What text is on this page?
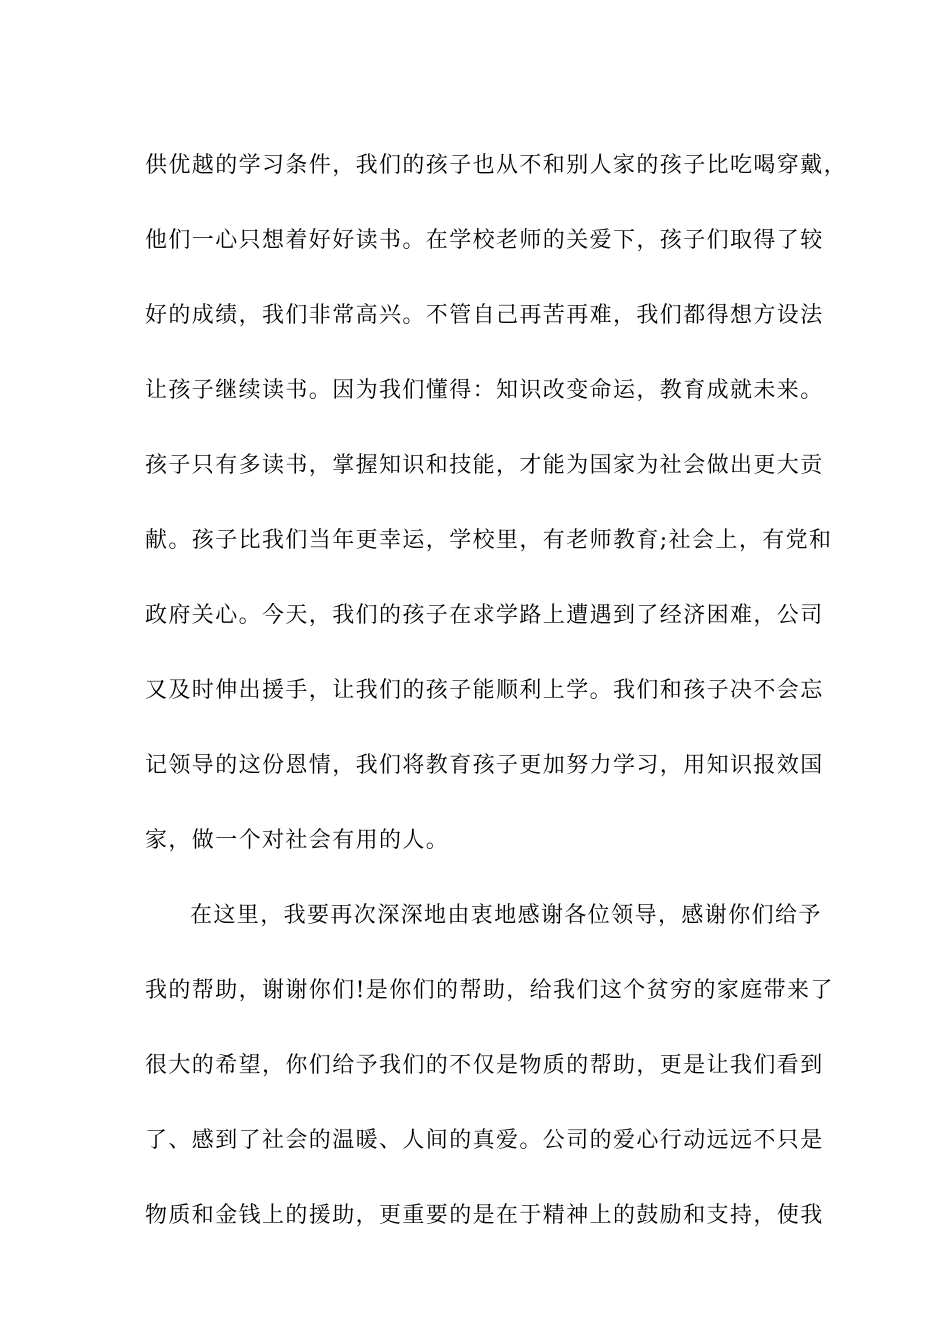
供优越的学习条件，我们的孩子也从不和别人家的孩子比吃喝穿戴，
他们一心只想着好好读书。在学校老师的关爱下，孩子们取得了较
好的成绩，我们非常高兴。不管自己再苦再难，我们都得想方设法
让孩子继续读书。因为我们懂得：知识改变命运，教育成就未来。
孩子只有多读书，掌握知识和技能，才能为国家为社会做出更大贡
献。孩子比我们当年更幸运，学校里，有老师教育;社会上，有党和
政府关心。今天，我们的孩子在求学路上遭遇到了经济困难，公司
又及时伸出援手，让我们的孩子能顺利上学。我们和孩子决不会忘
记领导的这份恩情，我们将教育孩子更加努力学习，用知识报效国
家，做一个对社会有用的人。
在这里，我要再次深深地由衷地感谢各位领导，感谢你们给予
我的帮助，谢谢你们!是你们的帮助，给我们这个贫穷的家庭带来了
很大的希望，你们给予我们的不仅是物质的帮助，更是让我们看到
了、感到了社会的温暖、人间的真爱。公司的爱心行动远远不只是
物质和金钱上的援助，更重要的是在于精神上的鼓励和支持，使我
